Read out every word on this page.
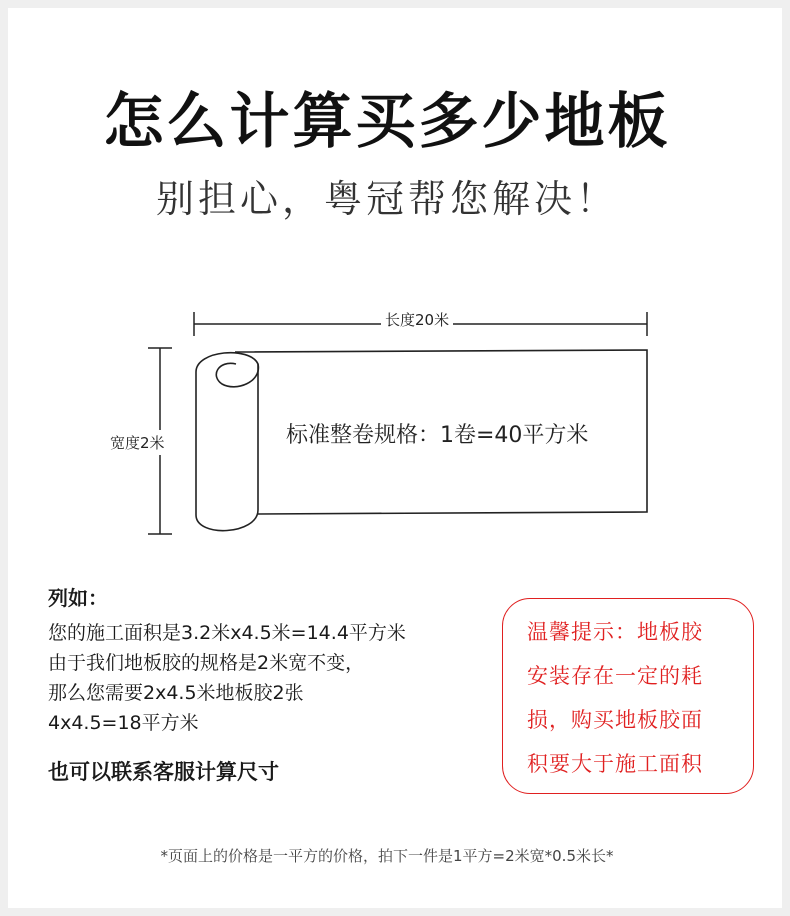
怎么计算买多少地板
别担心，粤冠帮您解决！
长度20米
宽度2米	标准整卷规格：1卷=40平方米
列如：
您的施工面积是3.2米x4.5米=14.4平方米
由于我们地板胶的规格是2米宽不变，
那么您需要2x4.5米地板胶2张
4x4.5=18平方米
也可以联系客服计算尺寸
温馨提示：地板胶
安装存在一定的耗
损，购买地板胶面
积要大于施工面积
*页面上的价格是一平方的价格，拍下一件是1平方=2米宽*0.5米长*
